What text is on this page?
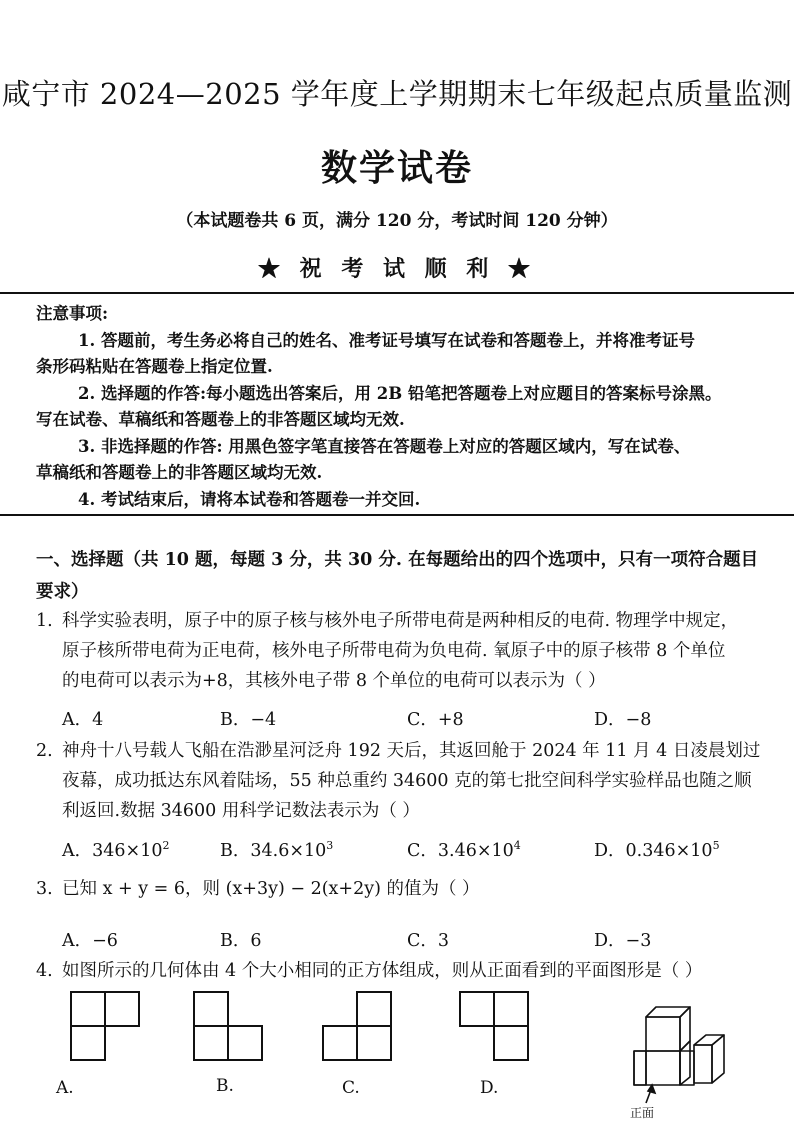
咸宁市 2024—2025 学年度上学期期末七年级起点质量监测
数学试卷
（本试题卷共 6 页，满分 120 分，考试时间 120 分钟）
★ 祝 考 试 顺 利 ★
注意事项:
1. 答题前，考生务必将自己的姓名、准考证号填写在试卷和答题卷上，并将准考证号
条形码粘贴在答题卷上指定位置.
2. 选择题的作答:每小题选出答案后，用 2B 铅笔把答题卷上对应题目的答案标号涂黑。
写在试卷、草稿纸和答题卷上的非答题区域均无效.
3. 非选择题的作答: 用黑色签字笔直接答在答题卷上对应的答题区域内，写在试卷、
草稿纸和答题卷上的非答题区域均无效.
4. 考试结束后，请将本试卷和答题卷一并交回.
一、选择题（共 10 题，每题 3 分，共 30 分. 在每题给出的四个选项中，只有一项符合题目
要求）
1. 科学实验表明，原子中的原子核与核外电子所带电荷是两种相反的电荷. 物理学中规定，
原子核所带电荷为正电荷，核外电子所带电荷为负电荷. 氧原子中的原子核带 8 个单位
的电荷可以表示为+8，其核外电子带 8 个单位的电荷可以表示为（ ）
A．4	B．−4	C．+8	D．−8
2. 神舟十八号载人飞船在浩渺星河泛舟 192 天后，其返回舱于 2024 年 11 月 4 日凌晨划过
夜幕，成功抵达东风着陆场，55 种总重约 34600 克的第七批空间科学实验样品也随之顺
利返回.数据 34600 用科学记数法表示为（ ）
A．$346\times 10^2$	B．$34.6\times 10^3$	C．$3.46\times 10^4$	D．$0.346\times 10^5$
3. 已知 x + y = 6，则 (x+3y) − 2(x+2y) 的值为（ ）
A．−6	B．6	C．3	D．−3
4. 如图所示的几何体由 4 个大小相同的正方体组成，则从正面看到的平面图形是（ ）
A.	B.	C.	D.
正面
